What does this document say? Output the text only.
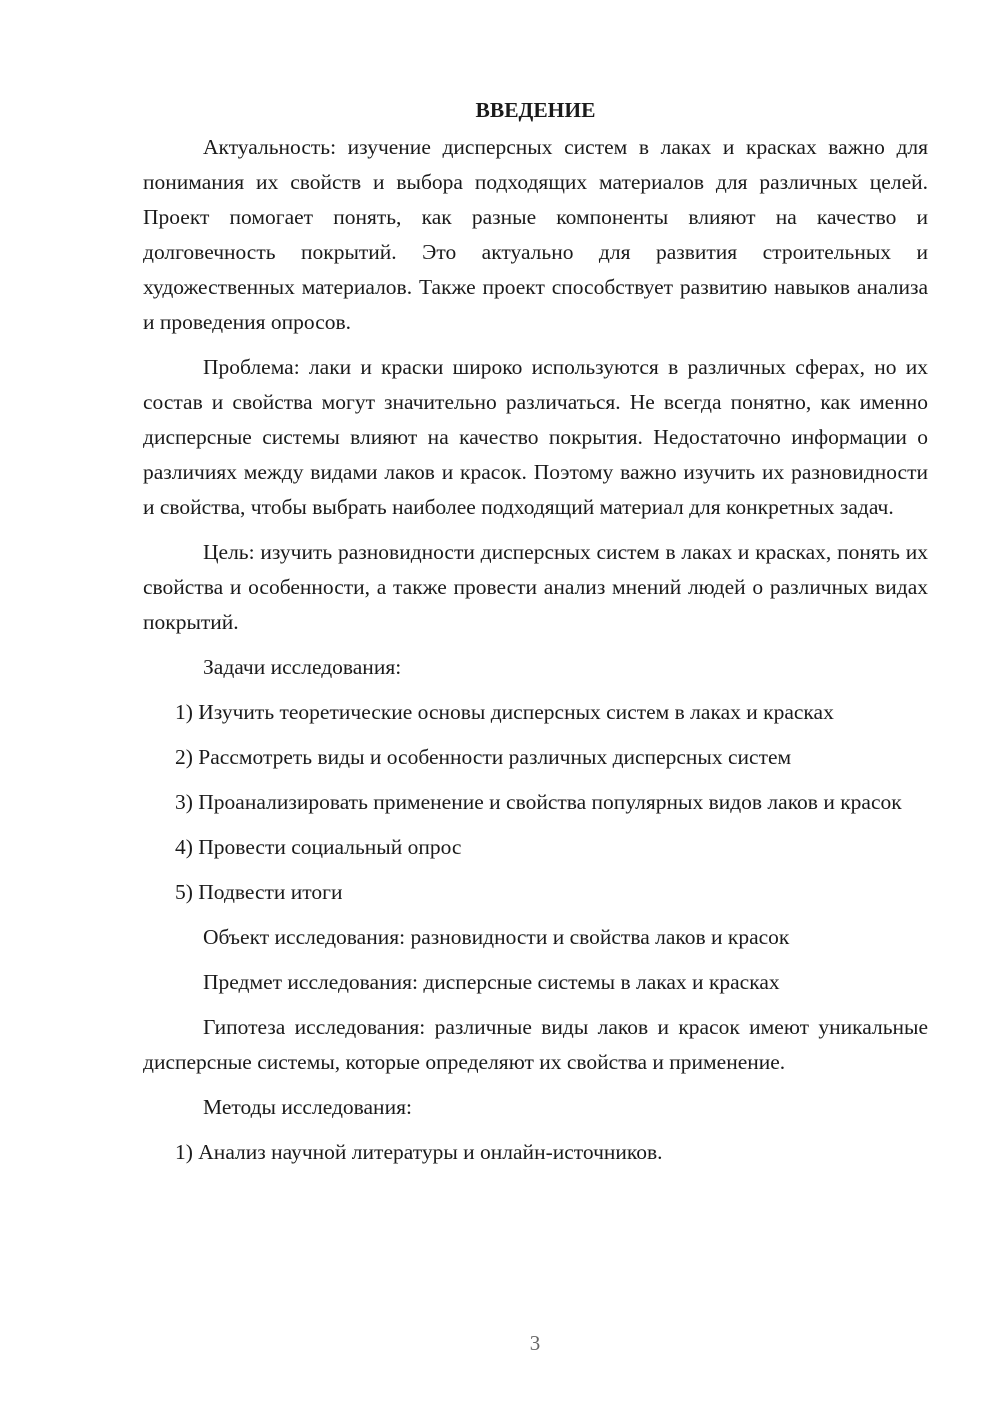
ВВЕДЕНИЕ

Актуальность: изучение дисперсных систем в лаках и красках важно для понимания их свойств и выбора подходящих материалов для различных целей. Проект помогает понять, как разные компоненты влияют на качество и долговечность покрытий. Это актуально для развития строительных и художественных материалов. Также проект способствует развитию навыков анализа и проведения опросов.

Проблема: лаки и краски широко используются в различных сферах, но их состав и свойства могут значительно различаться. Не всегда понятно, как именно дисперсные системы влияют на качество покрытия. Недостаточно информации о различиях между видами лаков и красок. Поэтому важно изучить их разновидности и свойства, чтобы выбрать наиболее подходящий материал для конкретных задач.

Цель: изучить разновидности дисперсных систем в лаках и красках, понять их свойства и особенности, а также провести анализ мнений людей о различных видах покрытий.

Задачи исследования:

1) Изучить теоретические основы дисперсных систем в лаках и красках

2) Рассмотреть виды и особенности различных дисперсных систем

3) Проанализировать применение и свойства популярных видов лаков и красок

4) Провести социальный опрос

5) Подвести итоги

Объект исследования: разновидности и свойства лаков и красок

Предмет исследования: дисперсные системы в лаках и красках

Гипотеза исследования: различные виды лаков и красок имеют уникальные дисперсные системы, которые определяют их свойства и применение.

Методы исследования:

1) Анализ научной литературы и онлайн-источников.

3
